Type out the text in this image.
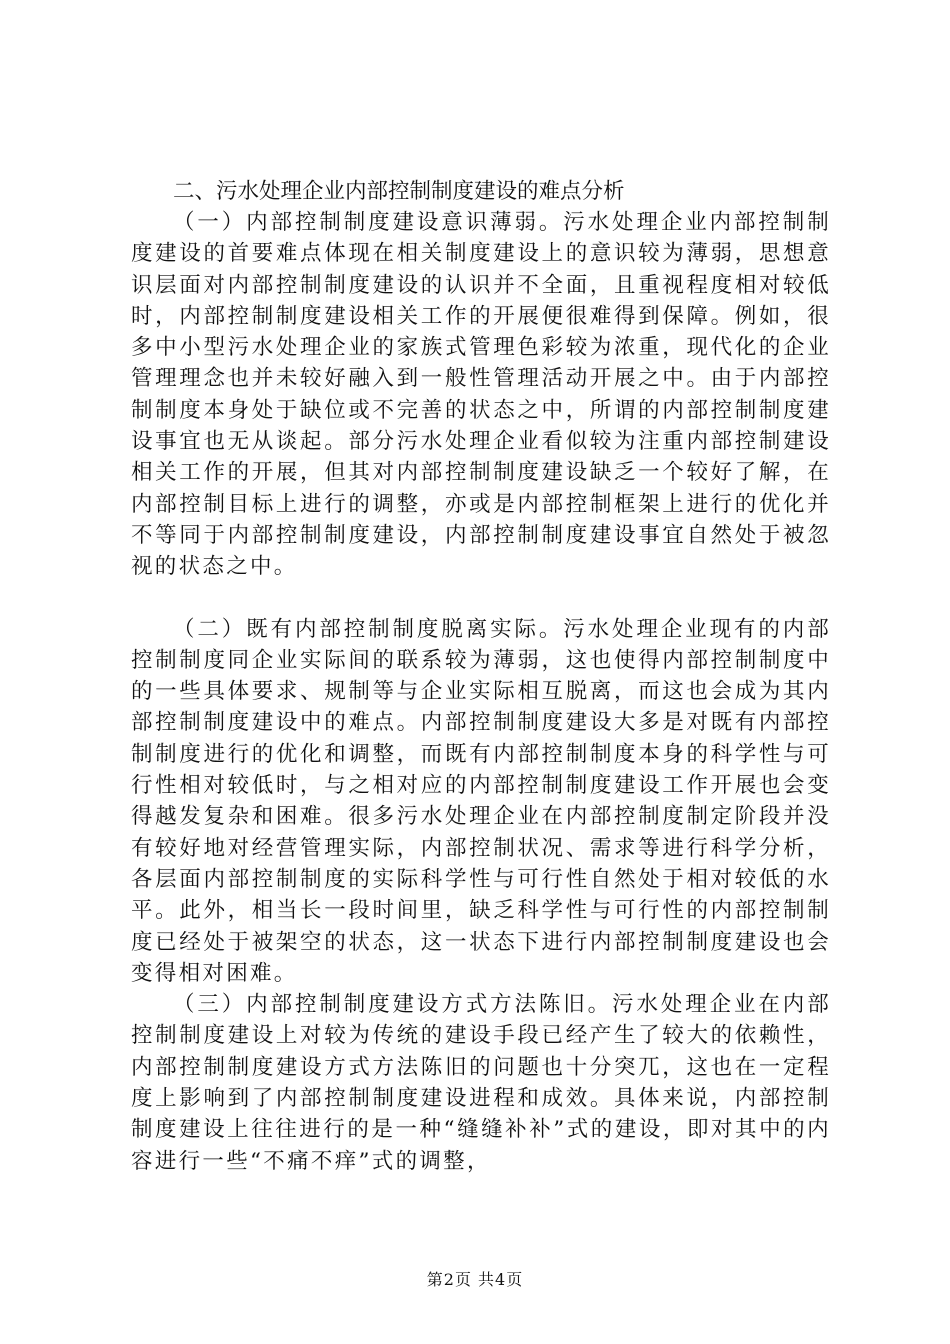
二、污水处理企业内部控制制度建设的难点分析

（一）内部控制制度建设意识薄弱。污水处理企业内部控制制度建设的首要难点体现在相关制度建设上的意识较为薄弱，思想意识层面对内部控制制度建设的认识并不全面，且重视程度相对较低时，内部控制制度建设相关工作的开展便很难得到保障。例如，很多中小型污水处理企业的家族式管理色彩较为浓重，现代化的企业管理理念也并未较好融入到一般性管理活动开展之中。由于内部控制制度本身处于缺位或不完善的状态之中，所谓的内部控制制度建设事宜也无从谈起。部分污水处理企业看似较为注重内部控制建设相关工作的开展，但其对内部控制制度建设缺乏一个较好了解，在内部控制目标上进行的调整，亦或是内部控制框架上进行的优化并不等同于内部控制制度建设，内部控制制度建设事宜自然处于被忽视的状态之中。

（二）既有内部控制制度脱离实际。污水处理企业现有的内部控制制度同企业实际间的联系较为薄弱，这也使得内部控制制度中的一些具体要求、规制等与企业实际相互脱离，而这也会成为其内部控制制度建设中的难点。内部控制制度建设大多是对既有内部控制制度进行的优化和调整，而既有内部控制制度本身的科学性与可行性相对较低时，与之相对应的内部控制制度建设工作开展也会变得越发复杂和困难。很多污水处理企业在内部控制度制定阶段并没有较好地对经营管理实际，内部控制状况、需求等进行科学分析，各层面内部控制制度的实际科学性与可行性自然处于相对较低的水平。此外，相当长一段时间里，缺乏科学性与可行性的内部控制制度已经处于被架空的状态，这一状态下进行内部控制制度建设也会变得相对困难。

（三）内部控制制度建设方式方法陈旧。污水处理企业在内部控制制度建设上对较为传统的建设手段已经产生了较大的依赖性，内部控制制度建设方式方法陈旧的问题也十分突兀，这也在一定程度上影响到了内部控制制度建设进程和成效。具体来说，内部控制制度建设上往往进行的是一种“缝缝补补”式的建设，即对其中的内容进行一些“不痛不痒”式的调整，

第2页 共4页
